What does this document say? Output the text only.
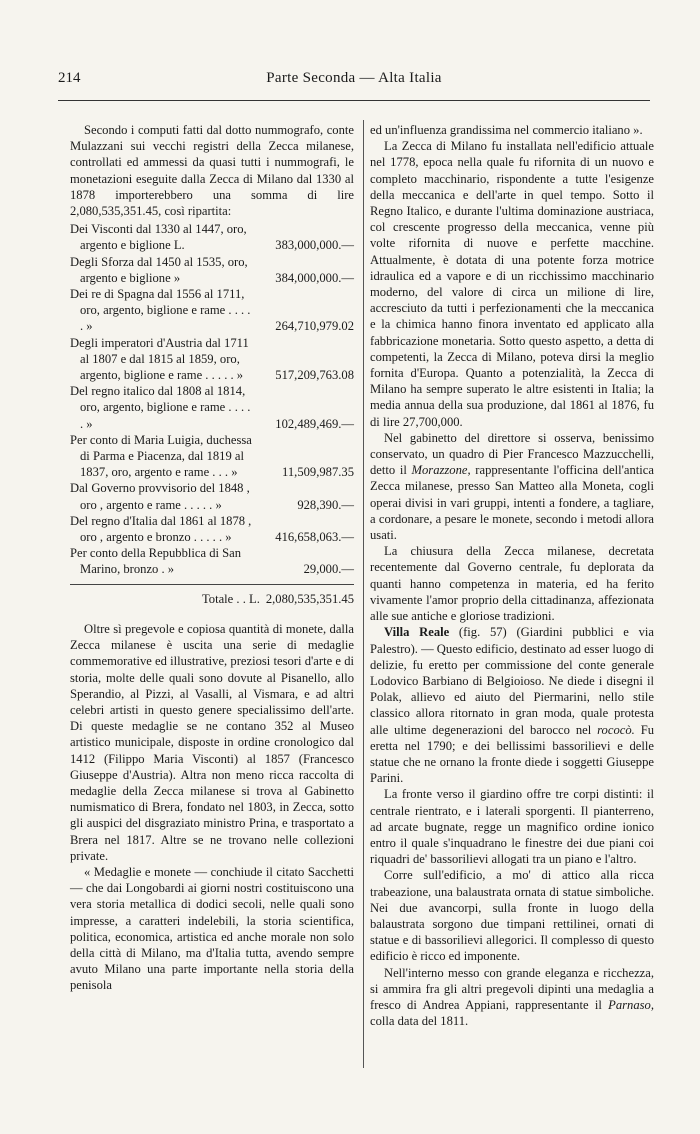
214	Parte Seconda — Alta Italia

Secondo i computi fatti dal dotto nummografo, conte Mulazzani sui vecchi registri della Zecca milanese, controllati ed ammessi da quasi tutti i nummografi, le monetazioni eseguite dalla Zecca di Milano dal 1330 al 1878 importerebbero una somma di lire 2,080,535,351.45, così ripartita:

Dei Visconti dal 1330 al 1447, oro, argento e biglione L.	383,000,000.—
Degli Sforza dal 1450 al 1535, oro, argento e biglione »	384,000,000.—
Dei re di Spagna dal 1556 al 1711, oro, argento, biglione e rame . . . . . »	264,710,979.02
Degli imperatori d'Austria dal 1711 al 1807 e dal 1815 al 1859, oro, argento, biglione e rame . . . . . »	517,209,763.08
Del regno italico dal 1808 al 1814, oro, argento, biglione e rame . . . . . »	102,489,469.—
Per conto di Maria Luigia, duchessa di Parma e Piacenza, dal 1819 al 1837, oro, argento e rame . . . »	11,509,987.35
Dal Governo provvisorio del 1848 , oro , argento e rame . . . . . »	928,390.—
Del regno d'Italia dal 1861 al 1878 , oro , argento e bronzo . . . . . »	416,658,063.—
Per conto della Repubblica di San Marino, bronzo . »	29,000.—
Totale . . L. 2,080,535,351.45

Oltre sì pregevole e copiosa quantità di monete, dalla Zecca milanese è uscita una serie di medaglie commemorative ed illustrative, preziosi tesori d'arte e di storia, molte delle quali sono dovute al Pisanello, allo Sperandio, al Pizzi, al Vasalli, al Vismara, e ad altri celebri artisti in questo genere specialissimo dell'arte. Di queste medaglie se ne contano 352 al Museo artistico municipale, disposte in ordine cronologico dal 1412 (Filippo Maria Visconti) al 1857 (Francesco Giuseppe d'Austria). Altra non meno ricca raccolta di medaglie della Zecca milanese si trova al Gabinetto numismatico di Brera, fondato nel 1803, in Zecca, sotto gli auspici del disgraziato ministro Prina, e trasportato a Brera nel 1817. Altre se ne trovano nelle collezioni private.

« Medaglie e monete — conchiude il citato Sacchetti — che dai Longobardi ai giorni nostri costituiscono una vera storia metallica di dodici secoli, nelle quali sono impresse, a caratteri indelebili, la storia scientifica, politica, economica, artistica ed anche morale non solo della città di Milano, ma d'Italia tutta, avendo sempre avuto Milano una parte importante nella storia della penisola

ed un'influenza grandissima nel commercio italiano ».

La Zecca di Milano fu installata nell'edificio attuale nel 1778, epoca nella quale fu rifornita di un nuovo e completo macchinario, rispondente a tutte l'esigenze della meccanica e dell'arte in quel tempo. Sotto il Regno Italico, e durante l'ultima dominazione austriaca, col crescente progresso della meccanica, venne più volte rifornita di nuove e perfette macchine. Attualmente, è dotata di una potente forza motrice idraulica ed a vapore e di un ricchissimo macchinario moderno, del valore di circa un milione di lire, accresciuto da tutti i perfezionamenti che la meccanica e la chimica hanno finora inventato ed applicato alla fabbricazione monetaria. Sotto questo aspetto, a detta di competenti, la Zecca di Milano, poteva dirsi la meglio fornita d'Europa. Quanto a potenzialità, la Zecca di Milano ha sempre superato le altre esistenti in Italia; la media annua della sua produzione, dal 1861 al 1876, fu di lire 27,700,000.

Nel gabinetto del direttore si osserva, benissimo conservato, un quadro di Pier Francesco Mazzucchelli, detto il Morazzone, rappresentante l'officina dell'antica Zecca milanese, presso San Matteo alla Moneta, cogli operai divisi in vari gruppi, intenti a fondere, a tagliare, a cordonare, a pesare le monete, secondo i metodi allora usati.

La chiusura della Zecca milanese, decretata recentemente dal Governo centrale, fu deplorata da quanti hanno competenza in materia, ed ha ferito vivamente l'amor proprio della cittadinanza, affezionata alle sue antiche e gloriose tradizioni.

Villa Reale (fig. 57) (Giardini pubblici e via Palestro). — Questo edificio, destinato ad esser luogo di delizie, fu eretto per commissione del conte generale Lodovico Barbiano di Belgioioso. Ne diede i disegni il Polak, allievo ed aiuto del Piermarini, nello stile classico allora ritornato in gran moda, quale protesta alle ultime degenerazioni del barocco nel rococò. Fu eretta nel 1790; e dei bellissimi bassorilievi e delle statue che ne ornano la fronte diede i soggetti Giuseppe Parini.

La fronte verso il giardino offre tre corpi distinti: il centrale rientrato, e i laterali sporgenti. Il pianterreno, ad arcate bugnate, regge un magnifico ordine ionico entro il quale s'inquadrano le finestre dei due piani coi riquadri de' bassorilievi allogati tra un piano e l'altro.

Corre sull'edificio, a mo' di attico alla ricca trabeazione, una balaustrata ornata di statue simboliche. Nei due avancorpi, sulla fronte in luogo della balaustrata sorgono due timpani rettilinei, ornati di statue e di bassorilievi allegorici. Il complesso di questo edificio è ricco ed imponente.

Nell'interno messo con grande eleganza e ricchezza, si ammira fra gli altri pregevoli dipinti una medaglia a fresco di Andrea Appiani, rappresentante il Parnaso, colla data del 1811.
